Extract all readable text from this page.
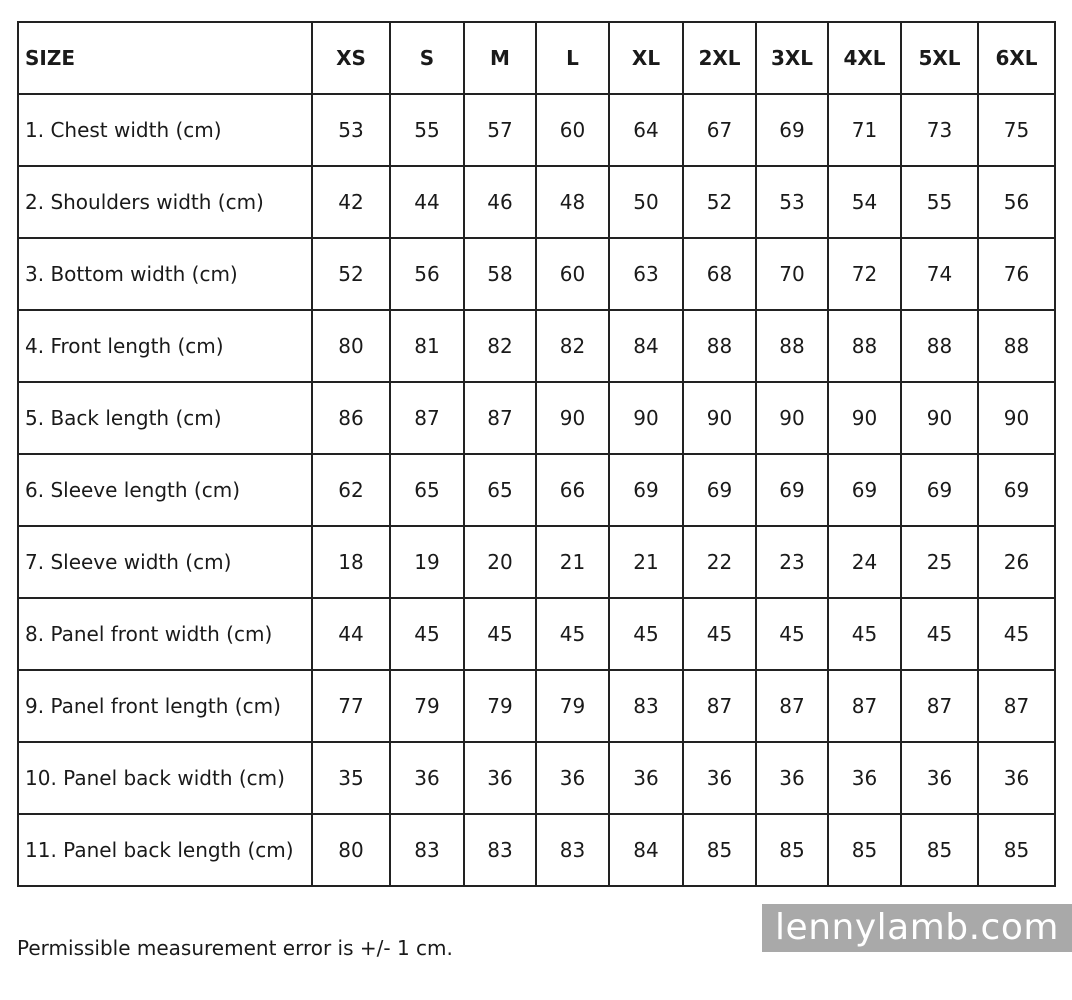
SIZE	XS	S	M	L	XL	2XL	3XL	4XL	5XL	6XL
1. Chest width (cm)	53	55	57	60	64	67	69	71	73	75
2. Shoulders width (cm)	42	44	46	48	50	52	53	54	55	56
3. Bottom width (cm)	52	56	58	60	63	68	70	72	74	76
4. Front length (cm)	80	81	82	82	84	88	88	88	88	88
5. Back length (cm)	86	87	87	90	90	90	90	90	90	90
6. Sleeve length (cm)	62	65	65	66	69	69	69	69	69	69
7. Sleeve width (cm)	18	19	20	21	21	22	23	24	25	26
8. Panel front width (cm)	44	45	45	45	45	45	45	45	45	45
9. Panel front length (cm)	77	79	79	79	83	87	87	87	87	87
10. Panel back width (cm)	35	36	36	36	36	36	36	36	36	36
11. Panel back length (cm)	80	83	83	83	84	85	85	85	85	85
Permissible measurement error is +/- 1 cm.	lennylamb.com
